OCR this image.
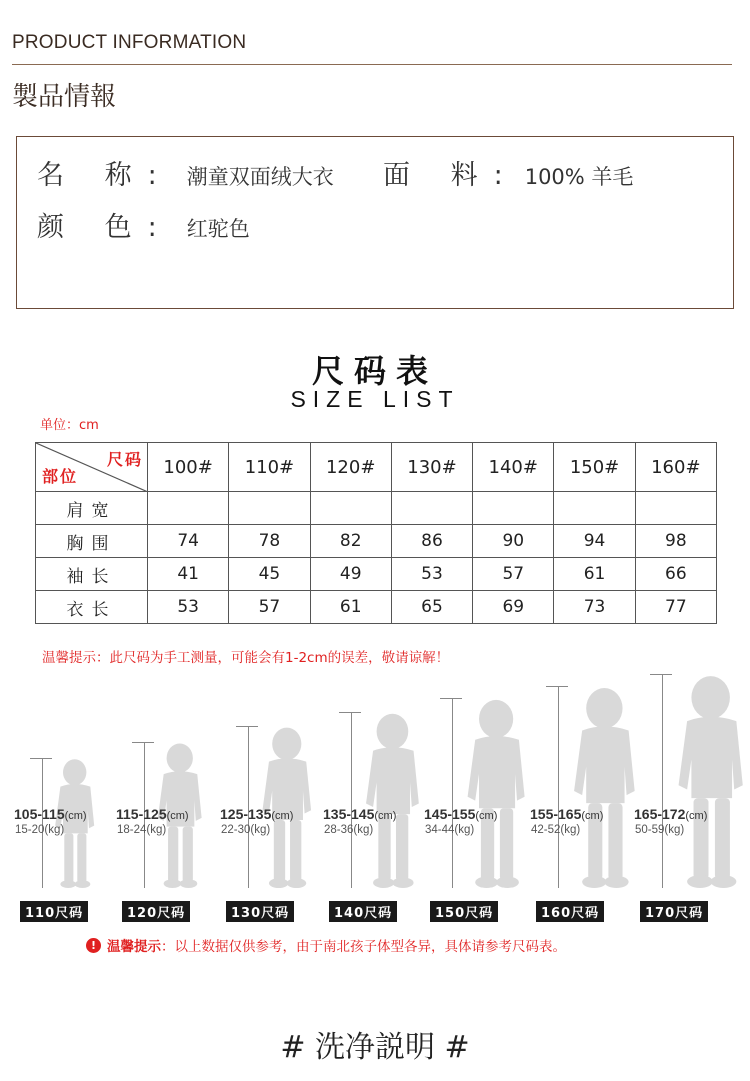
PRODUCT INFORMATION
製品情報
名 称 : 潮童双面绒大衣 面 料 : 100% 羊毛
颜 色 : 红驼色
尺码表
SIZE LIST
单位：cm
尺码
部位	100#	110#	120#	130#	140#	150#	160#
肩宽							
胸围	74	78	82	86	90	94	98
袖长	41	45	49	53	57	61	66
衣长	53	57	61	65	69	73	77
温馨提示：此尺码为手工测量，可能会有1-2cm的误差，敬请谅解！
105-115(cm)
15-20(kg)
110尺码
115-125(cm)
18-24(kg)
120尺码
125-135(cm)
22-30(kg)
130尺码
135-145(cm)
28-36(kg)
140尺码
145-155(cm)
34-44(kg)
150尺码
155-165(cm)
42-52(kg)
160尺码
165-172(cm)
50-59(kg)
170尺码
! 温馨提示 ：以上数据仅供参考，由于南北孩子体型各异，具体请参考尺码表。
# 洗净説明 #
